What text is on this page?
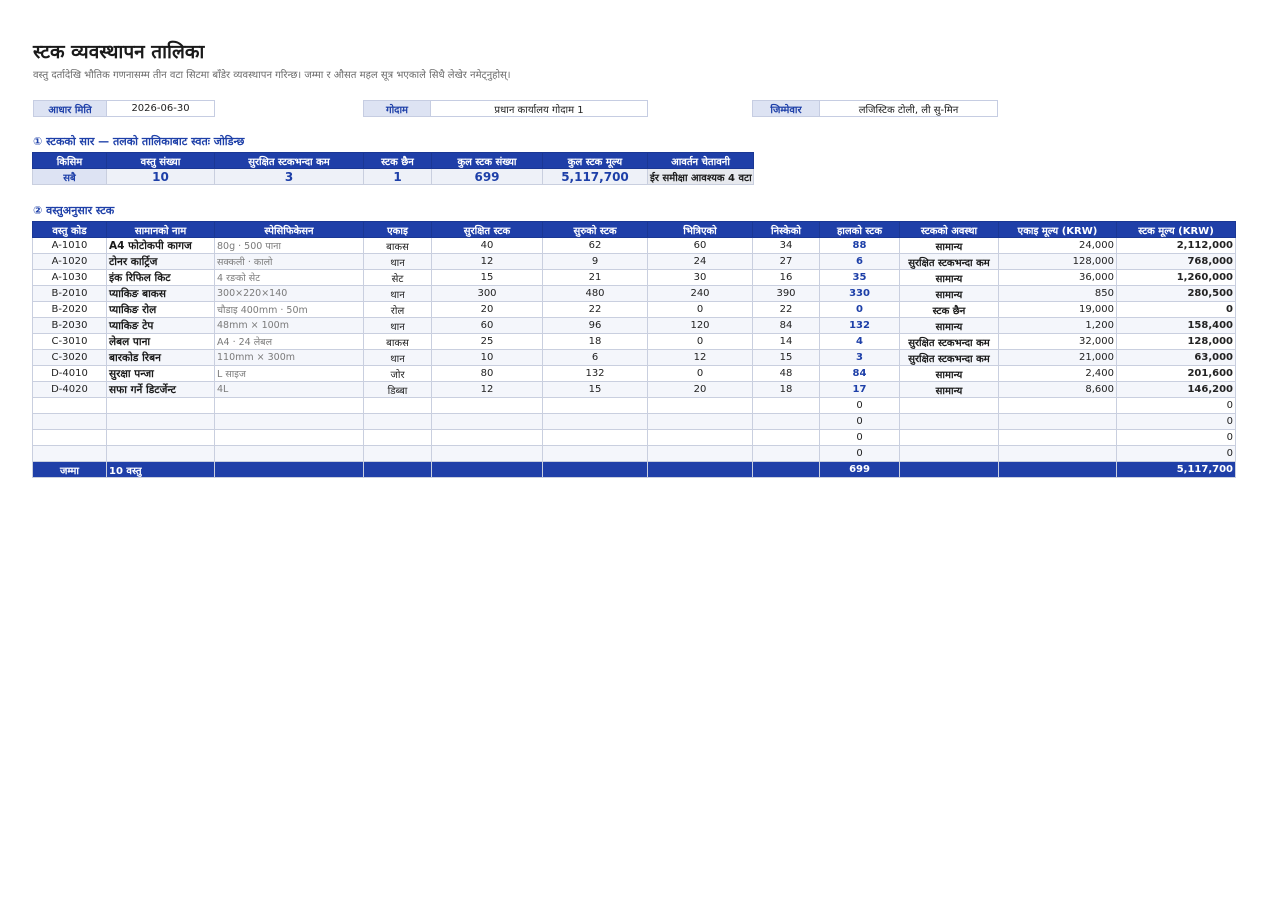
स्टक व्यवस्थापन तालिका
वस्तु दर्तादेखि भौतिक गणनासम्म तीन वटा सिटमा बाँडेर व्यवस्थापन गरिन्छ। जम्मा र औसत महल सूत्र भएकाले सिधै लेखेर नमेट्नुहोस्।
आधार मिति	2026-06-30	गोदाम	प्रधान कार्यालय गोदाम 1	जिम्मेवार	लजिस्टिक टोली, ली सु-मिन
① स्टकको सार — तलको तालिकाबाट स्वतः जोडिन्छ
किसिम	वस्तु संख्या	सुरक्षित स्टकभन्दा कम	स्टक छैन	कुल स्टक संख्या	कुल स्टक मूल्य	आवर्तन चेतावनी
सबै	10	3	1	699	5,117,700	ईर समीक्षा आवश्यक 4 वटा
② वस्तुअनुसार स्टक
वस्तु कोड	सामानको नाम	स्पेसिफिकेसन	एकाइ	सुरक्षित स्टक	सुरुको स्टक	भित्रिएको	निस्केको	हालको स्टक	स्टकको अवस्था	एकाइ मूल्य (KRW)	स्टक मूल्य (KRW)
A-1010	A4 फोटोकपी कागज	80g · 500 पाना	बाकस	40	62	60	34	88	सामान्य	24,000	2,112,000
A-1020	टोनर कार्ट्रिज	सक्कली · कालो	थान	12	9	24	27	6	सुरक्षित स्टकभन्दा कम	128,000	768,000
A-1030	इंक रिफिल किट	4 रङको सेट	सेट	15	21	30	16	35	सामान्य	36,000	1,260,000
B-2010	प्याकिङ बाकस	300×220×140	थान	300	480	240	390	330	सामान्य	850	280,500
B-2020	प्याकिङ रोल	चौडाइ 400mm · 50m	रोल	20	22	0	22	0	स्टक छैन	19,000	0
B-2030	प्याकिङ टेप	48mm × 100m	थान	60	96	120	84	132	सामान्य	1,200	158,400
C-3010	लेबल पाना	A4 · 24 लेबल	बाकस	25	18	0	14	4	सुरक्षित स्टकभन्दा कम	32,000	128,000
C-3020	बारकोड रिबन	110mm × 300m	थान	10	6	12	15	3	सुरक्षित स्टकभन्दा कम	21,000	63,000
D-4010	सुरक्षा पन्जा	L साइज	जोर	80	132	0	48	84	सामान्य	2,400	201,600
D-4020	सफा गर्ने डिटर्जेन्ट	4L	डिब्बा	12	15	20	18	17	सामान्य	8,600	146,200
								0			0
								0			0
								0			0
								0			0
जम्मा	10 वस्तु							699			5,117,700
